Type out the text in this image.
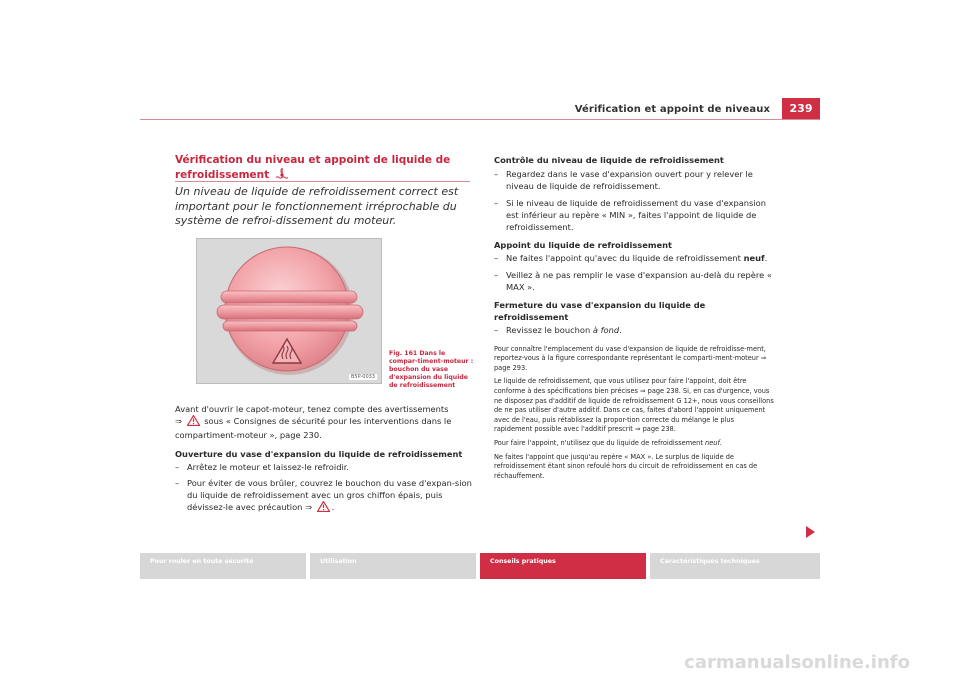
Vérification et appoint de niveaux	239
Vérification du niveau et appoint de liquide de refroidissement
Un niveau de liquide de refroidissement correct est important pour le fonctionnement irréprochable du système de refroi-dissement du moteur.
B5P-0033
Fig. 161 Dans le compar-timent-moteur : bouchon du vase d'expansion du liquide de refroidissement
Avant d'ouvrir le capot-moteur, tenez compte des avertissements
⇒  sous « Consignes de sécurité pour les interventions dans le compartiment-moteur », page 230.
Ouverture du vase d'expansion du liquide de refroidissement
– Arrêtez le moteur et laissez-le refroidir.
– Pour éviter de vous brûler, couvrez le bouchon du vase d'expan-sion du liquide de refroidissement avec un gros chiffon épais, puis dévissez-le avec précaution ⇒ .
Contrôle du niveau de liquide de refroidissement
– Regardez dans le vase d'expansion ouvert pour y relever le niveau de liquide de refroidissement.
– Si le niveau de liquide de refroidissement du vase d'expansion est inférieur au repère « MIN », faites l'appoint de liquide de refroidissement.
Appoint du liquide de refroidissement
– Ne faites l'appoint qu'avec du liquide de refroidissement neuf.
– Veillez à ne pas remplir le vase d'expansion au-delà du repère « MAX ».
Fermeture du vase d'expansion du liquide de refroidissement
– Revissez le bouchon à fond.
Pour connaître l'emplacement du vase d'expansion de liquide de refroidisse-ment, reportez-vous à la figure correspondante représentant le comparti-ment-moteur ⇒ page 293.
Le liquide de refroidissement, que vous utilisez pour faire l'appoint, doit être conforme à des spécifications bien précises ⇒ page 238. Si, en cas d'urgence, vous ne disposez pas d'additif de liquide de refroidissement G 12+, nous vous conseillons de ne pas utiliser d'autre additif. Dans ce cas, faites d'abord l'appoint uniquement avec de l'eau, puis rétablissez la propor-tion correcte du mélange le plus rapidement possible avec l'additif prescrit ⇒ page 238.
Pour faire l'appoint, n'utilisez que du liquide de refroidissement neuf.
Ne faites l'appoint que jusqu'au repère « MAX ». Le surplus de liquide de refroidissement étant sinon refoulé hors du circuit de refroidissement en cas de réchauffement.
Pour rouler en toute sécurité	Utilisation	Conseils pratiques	Caractéristiques techniques
carmanualsonline.info
